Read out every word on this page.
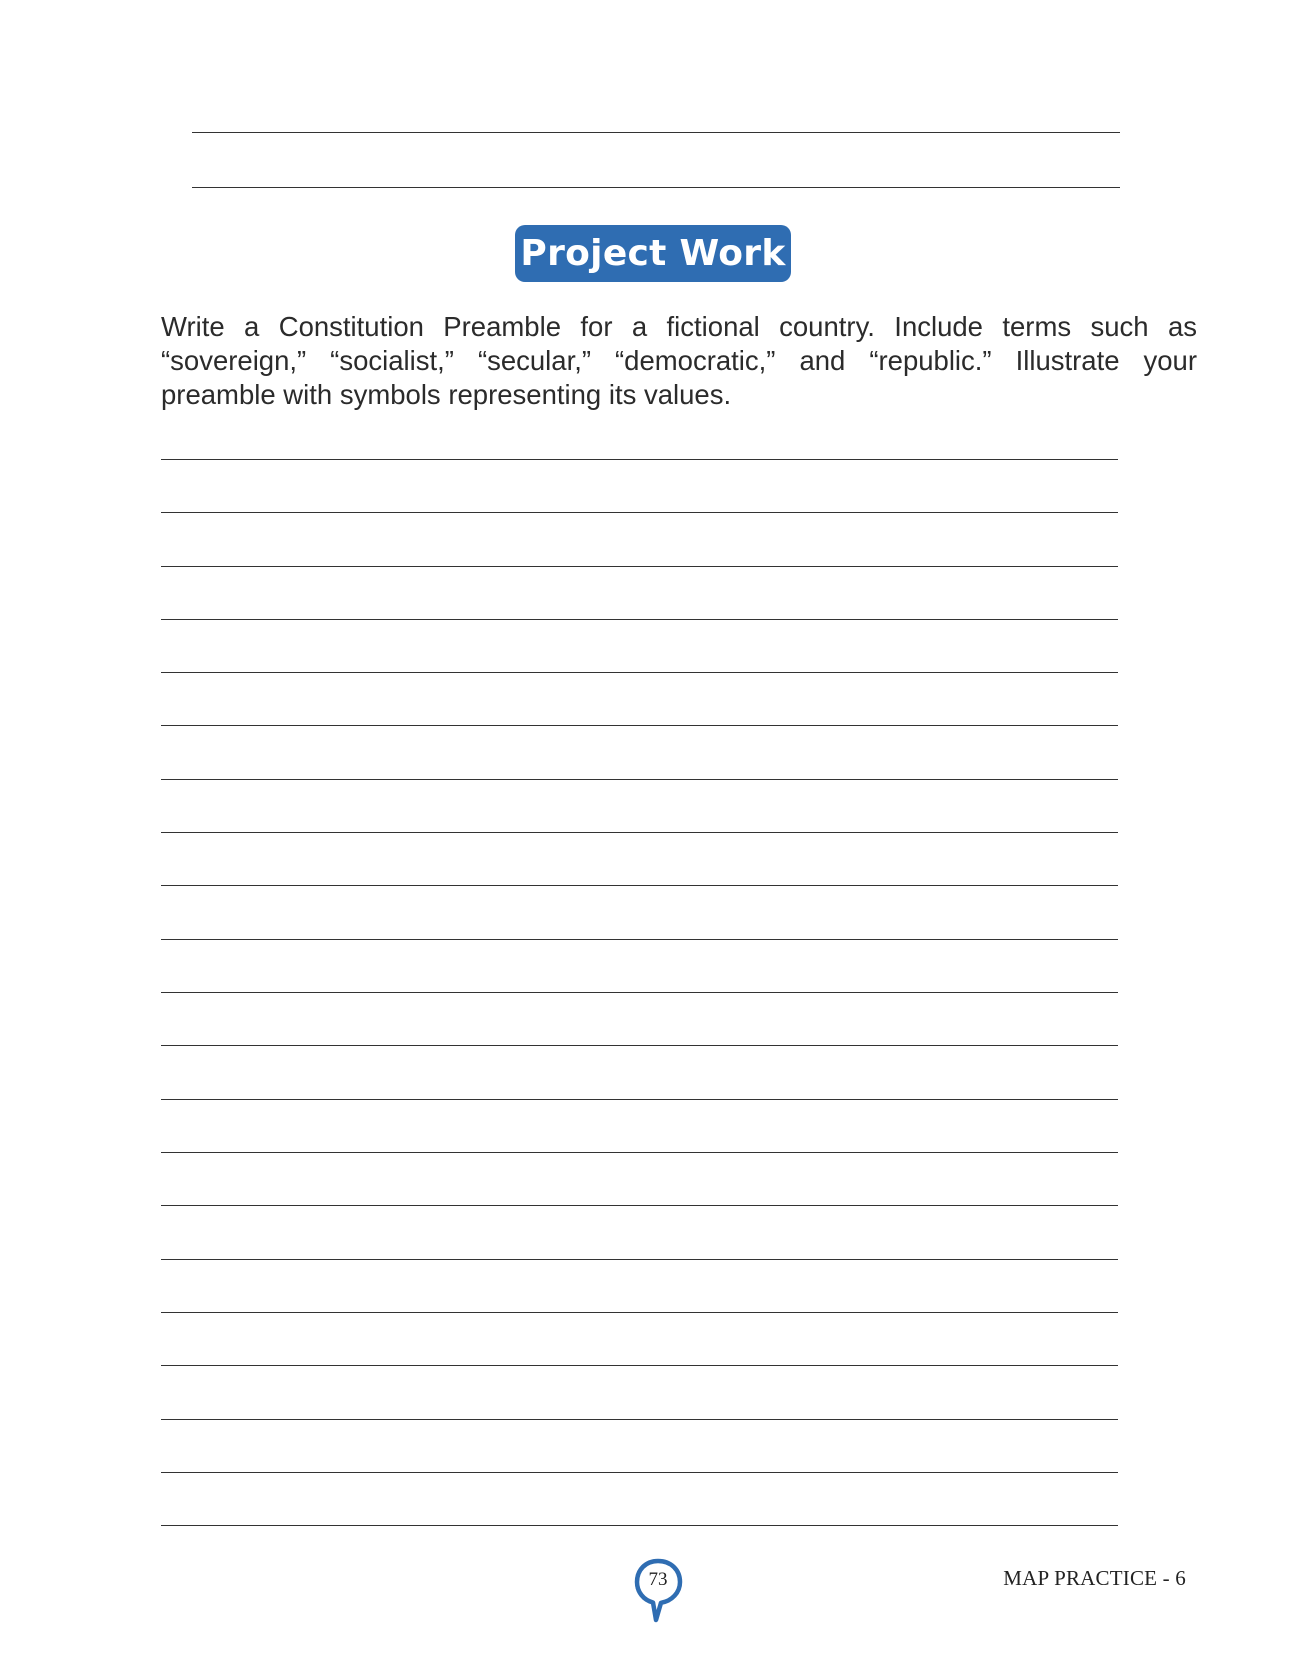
Project Work

Write a Constitution Preamble for a fictional country. Include terms such as “sovereign,” “socialist,” “secular,” “democratic,” and “republic.” Illustrate your preamble with symbols representing its values.

73	MAP PRACTICE - 6
